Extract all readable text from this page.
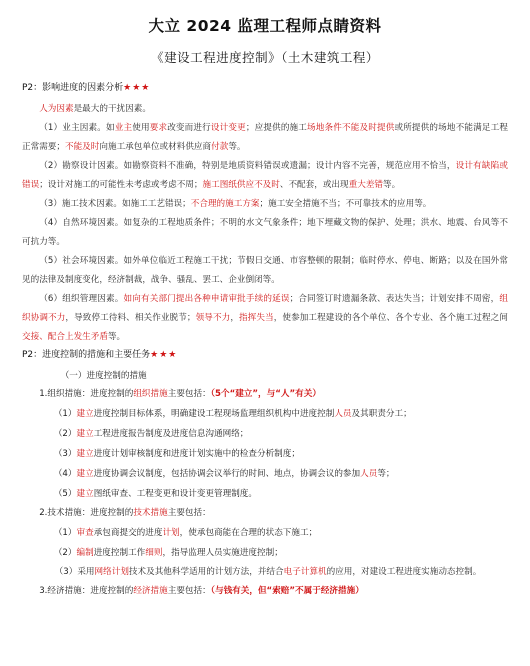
大立 2024 监理工程师点睛资料
《建设工程进度控制》（土木建筑工程）
P2：影响进度的因素分析★★★

人为因素是最大的干扰因素。

（1）业主因素。如业主使用要求改变而进行设计变更；应提供的施工场地条件不能及时提供或所提供的场地不能满足工程正常需要；不能及时向施工承包单位或材料供应商付款等。

（2）勘察设计因素。如勘察资料不准确，特别是地质资料错误或遗漏；设计内容不完善，规范应用不恰当，设计有缺陷或错误；设计对施工的可能性未考虑或考虑不周；施工图纸供应不及时、不配套，或出现重大差错等。

（3）施工技术因素。如施工工艺错误；不合理的施工方案；施工安全措施不当；不可靠技术的应用等。

（4）自然环境因素。如复杂的工程地质条件；不明的水文气象条件；地下埋藏文物的保护、处理；洪水、地震、台风等不可抗力等。

（5）社会环境因素。如外单位临近工程施工干扰；节假日交通、市容整顿的限制；临时停水、停电、断路；以及在国外常见的法律及制度变化，经济制裁，战争、骚乱、罢工、企业倒闭等。

（6）组织管理因素。如向有关部门提出各种申请审批手续的延误；合同签订时遗漏条款、表达失当；计划安排不周密，组织协调不力，导致停工待料、相关作业脱节；领导不力，指挥失当，使参加工程建设的各个单位、各个专业、各个施工过程之间交接、配合上发生矛盾等。

P2：进度控制的措施和主要任务★★★

（一）进度控制的措施

1.组织措施：进度控制的组织措施主要包括：（5个“建立”，与“人”有关）

（1）建立进度控制目标体系，明确建设工程现场监理组织机构中进度控制人员及其职责分工；

（2）建立工程进度报告制度及进度信息沟通网络；

（3）建立进度计划审核制度和进度计划实施中的检查分析制度；

（4）建立进度协调会议制度，包括协调会议举行的时间、地点，协调会议的参加人员等；

（5）建立图纸审查、工程变更和设计变更管理制度。

2.技术措施：进度控制的技术措施主要包括：

（1）审查承包商提交的进度计划，使承包商能在合理的状态下施工；

（2）编制进度控制工作细则，指导监理人员实施进度控制；

（3）采用网络计划技术及其他科学适用的计划方法，并结合电子计算机的应用，对建设工程进度实施动态控制。

3.经济措施：进度控制的经济措施主要包括：（与钱有关，但“索赔”不属于经济措施）
